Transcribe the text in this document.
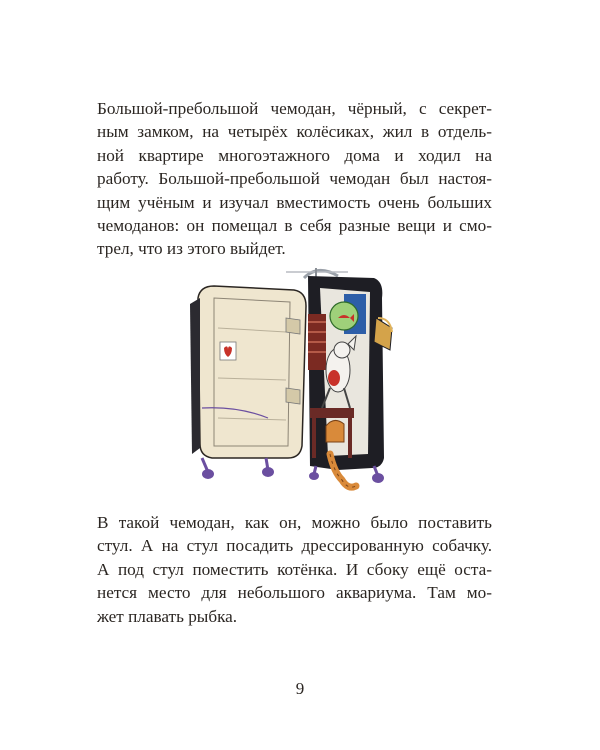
Большой-пребольшой чемодан, чёрный, с секрет-
ным замком, на четырёх колёсиках, жил в отдель-
ной квартире многоэтажного дома и ходил на
работу. Большой-пребольшой чемодан был настоя-
щим учёным и изучал вместимость очень больших
чемоданов: он помещал в себя разные вещи и смо-
трел, что из этого выйдет.
В такой чемодан, как он, можно было поставить
стул. А на стул посадить дрессированную собачку.
А под стул поместить котёнка. И сбоку ещё оста-
нется место для небольшого аквариума. Там мо-
жет плавать рыбка.
9
